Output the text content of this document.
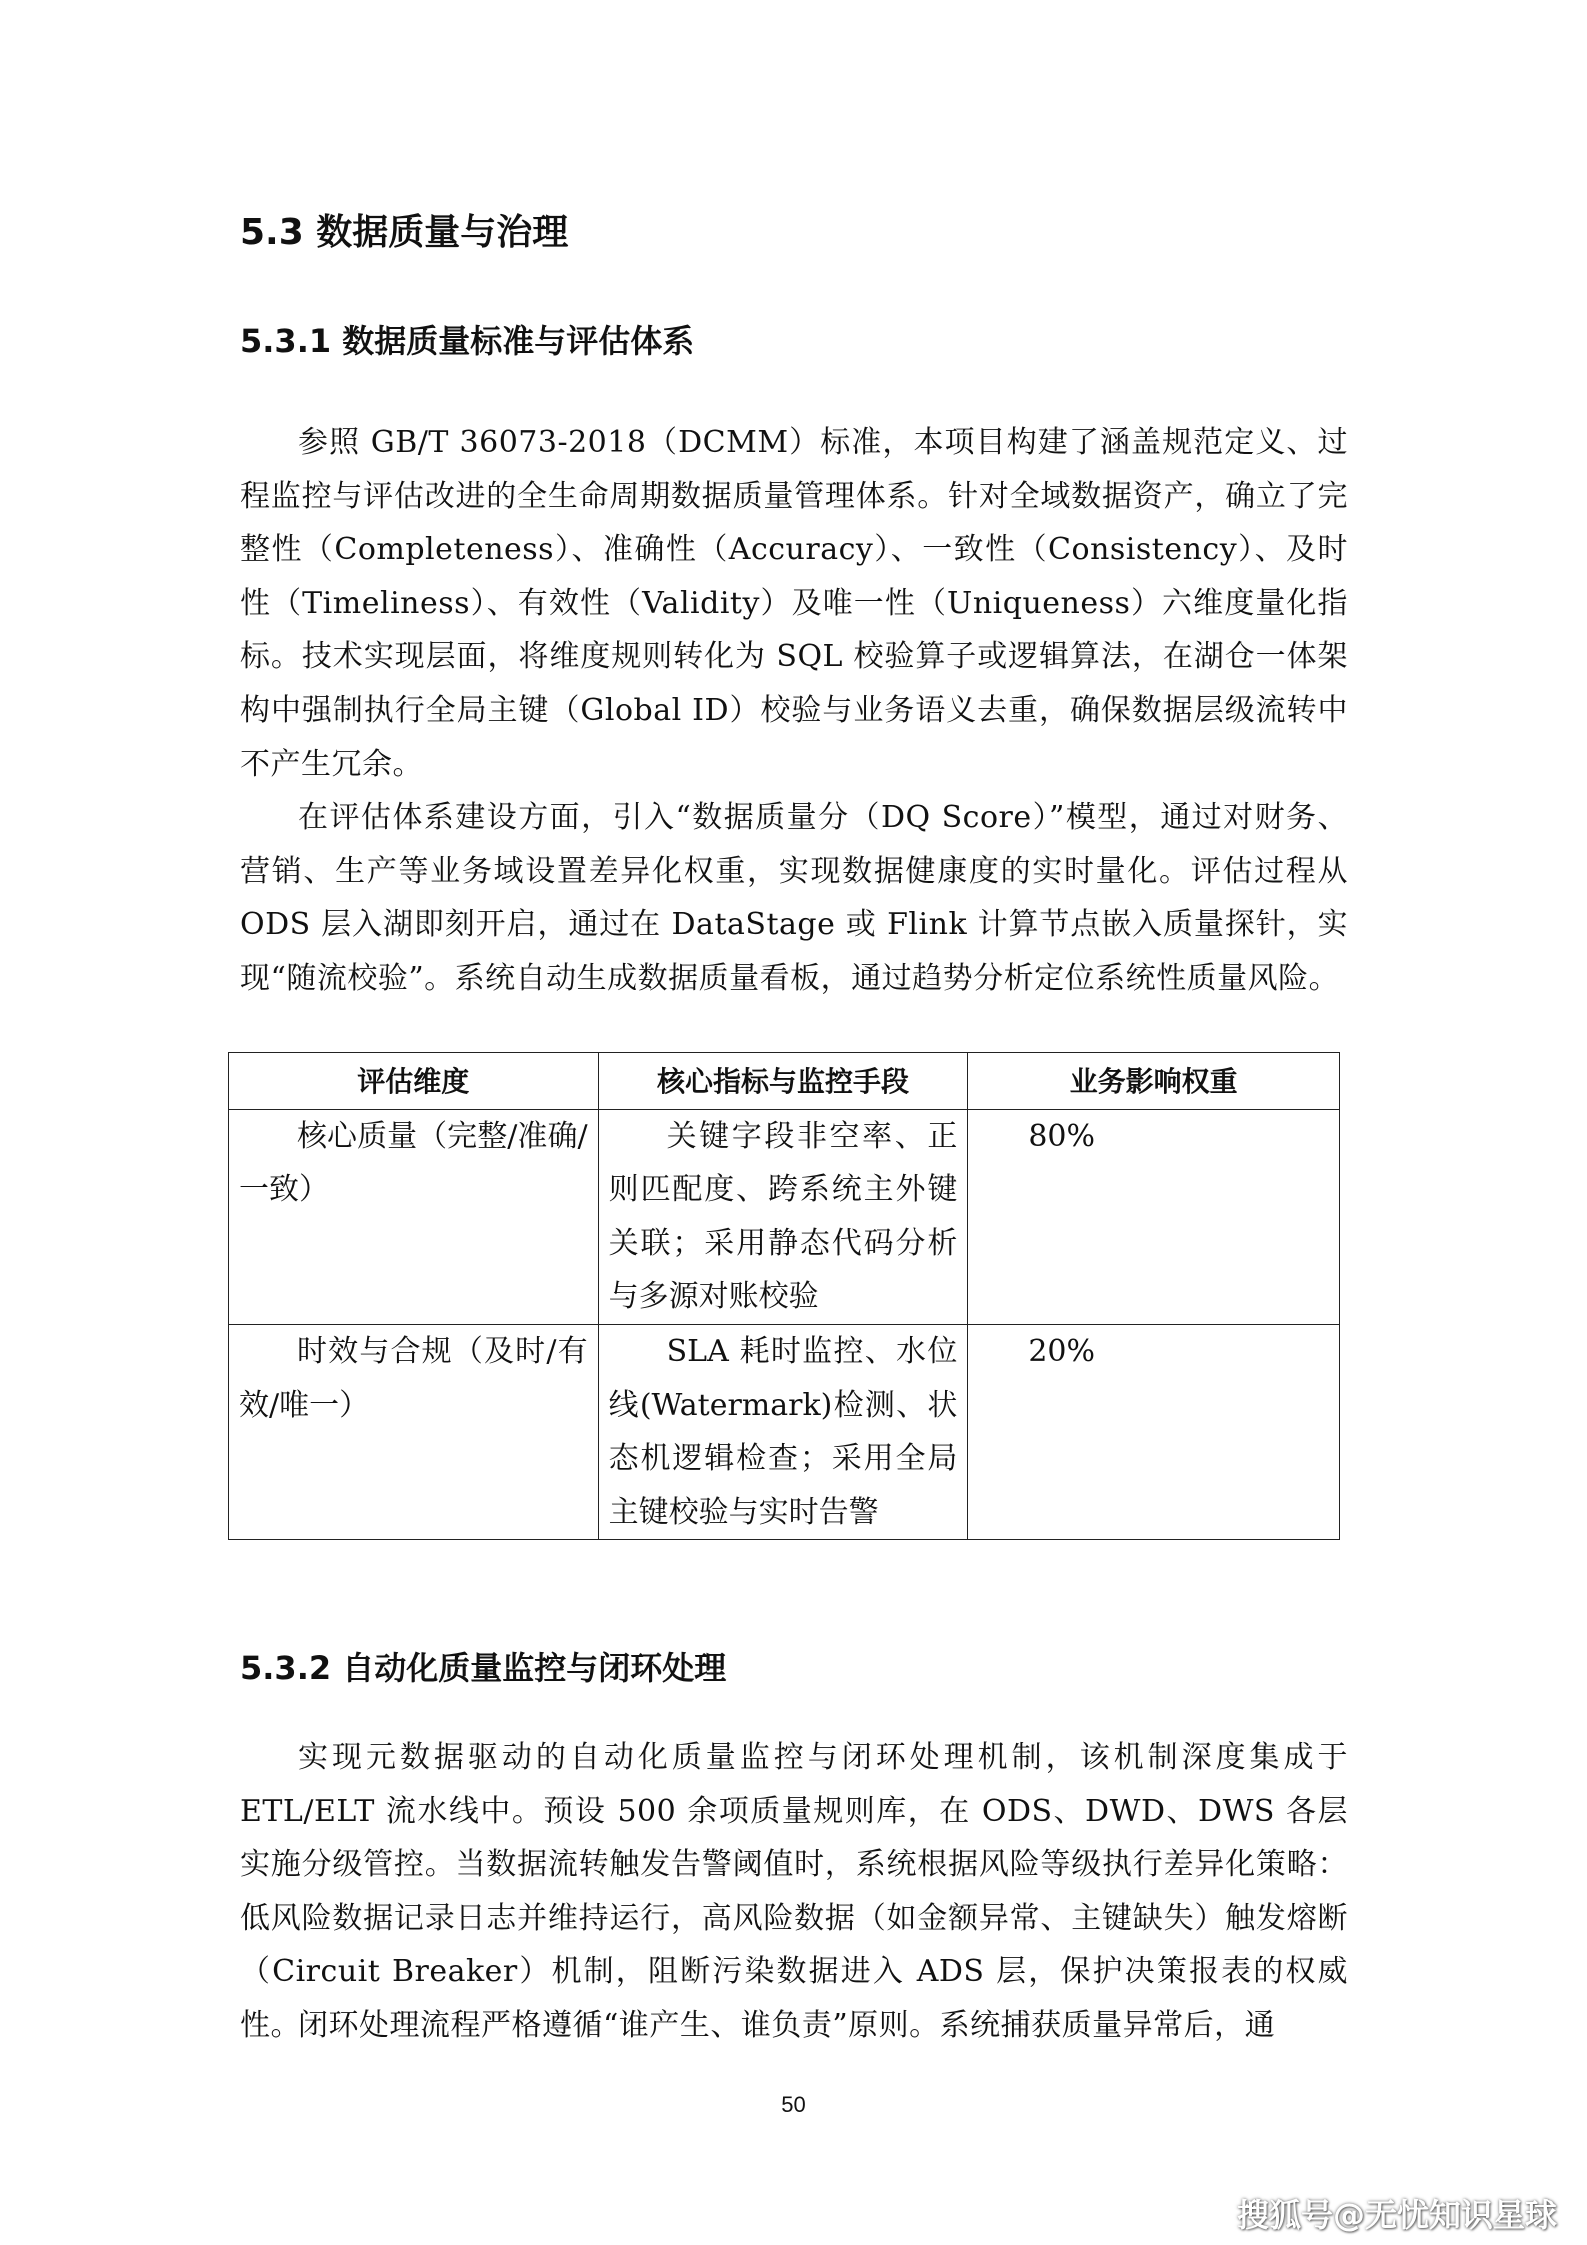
5.3 数据质量与治理
5.3.1 数据质量标准与评估体系

参照 GB/T 36073-2018（DCMM）标准，本项目构建了涵盖规范定义、过程监控与评估改进的全生命周期数据质量管理体系。针对全域数据资产，确立了完整性（Completeness）、准确性（Accuracy）、一致性（Consistency）、及时性（Timeliness）、有效性（Validity）及唯一性（Uniqueness）六维度量化指标。技术实现层面，将维度规则转化为 SQL 校验算子或逻辑算法，在湖仓一体架构中强制执行全局主键（Global ID）校验与业务语义去重，确保数据层级流转中不产生冗余。

在评估体系建设方面，引入“数据质量分（DQ Score）”模型，通过对财务、营销、生产等业务域设置差异化权重，实现数据健康度的实时量化。评估过程从 ODS 层入湖即刻开启，通过在 DataStage 或 Flink 计算节点嵌入质量探针，实现“随流校验”。系统自动生成数据质量看板，通过趋势分析定位系统性质量风险。

评估维度	核心指标与监控手段	业务影响权重
核心质量（完整/准确/一致）	关键字段非空率、正则匹配度、跨系统主外键关联；采用静态代码分析与多源对账校验	80%
时效与合规（及时/有效/唯一）	SLA 耗时监控、水位线(Watermark)检测、状态机逻辑检查；采用全局主键校验与实时告警	20%
5.3.2 自动化质量监控与闭环处理

实现元数据驱动的自动化质量监控与闭环处理机制，该机制深度集成于 ETL/ELT 流水线中。预设 500 余项质量规则库，在 ODS、DWD、DWS 各层实施分级管控。当数据流转触发告警阈值时，系统根据风险等级执行差异化策略：低风险数据记录日志并维持运行，高风险数据（如金额异常、主键缺失）触发熔断（Circuit Breaker）机制，阻断污染数据进入 ADS 层，保护决策报表的权威性。

闭环处理流程严格遵循“谁产生、谁负责”原则。系统捕获质量异常后，通

50
搜狐号@无忧知识星球
